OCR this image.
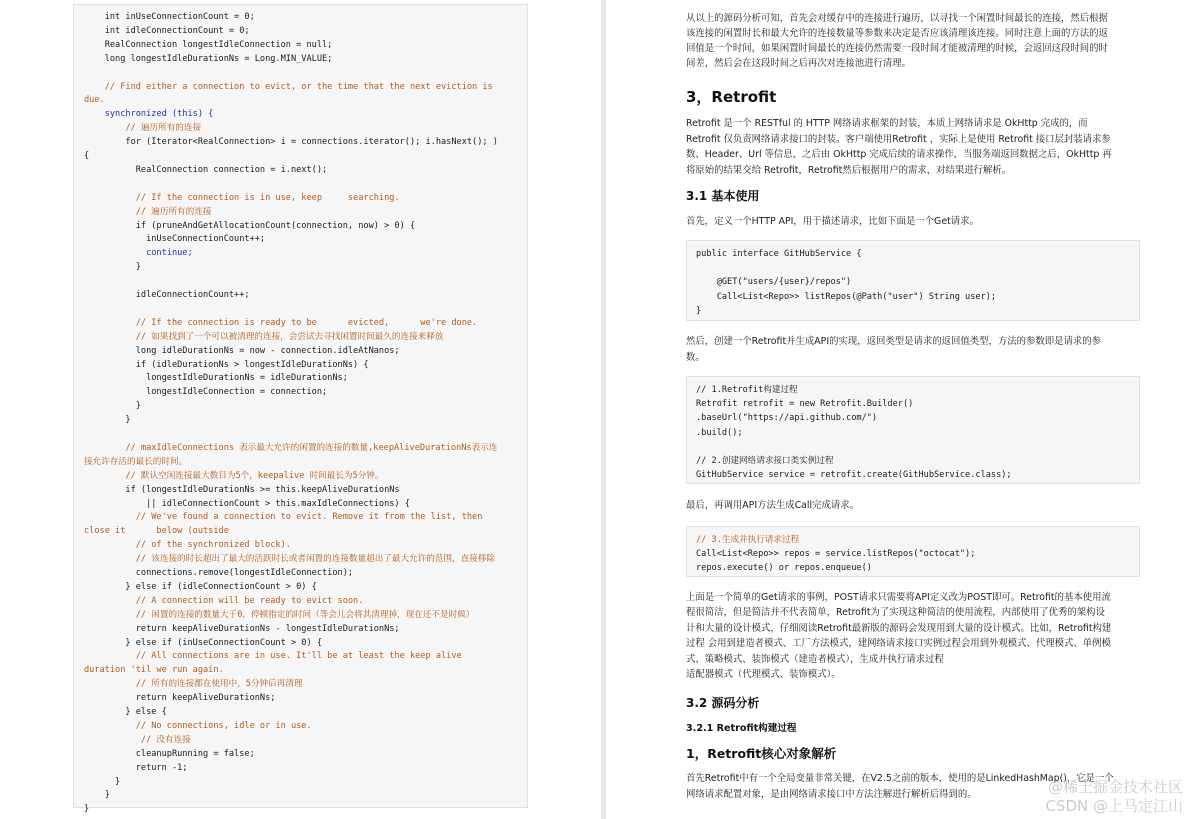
int inUseConnectionCount = 0;
int idleConnectionCount = 0;
RealConnection longestIdleConnection = null;
long longestIdleDurationNs = Long.MIN_VALUE;
// Find either a connection to evict, or the time that the next eviction is
due.
synchronized (this) {
// 遍历所有的连接
for (Iterator<RealConnection> i = connections.iterator(); i.hasNext(); )
{
RealConnection connection = i.next();
// If the connection is in use, keep     searching.
// 遍历所有的连接
if (pruneAndGetAllocationCount(connection, now) > 0) {
inUseConnectionCount++;
continue;
}
idleConnectionCount++;
// If the connection is ready to be      evicted,      we're done.
// 如果找到了一个可以被清理的连接，会尝试去寻找闲置时间最久的连接来释放
long idleDurationNs = now - connection.idleAtNanos;
if (idleDurationNs > longestIdleDurationNs) {
longestIdleDurationNs = idleDurationNs;
longestIdleConnection = connection;
}
}
// maxIdleConnections 表示最大允许的闲置的连接的数量,keepAliveDurationNs表示连
接允许存活的最长的时间。
// 默认空闲连接最大数目为5个，keepalive 时间最长为5分钟。
if (longestIdleDurationNs >= this.keepAliveDurationNs
|| idleConnectionCount > this.maxIdleConnections) {
// We've found a connection to evict. Remove it from the list, then
close it      below (outside
// of the synchronized block).
// 该连接的时长超出了最大的活跃时长或者闲置的连接数量超出了最大允许的范围，直接移除
connections.remove(longestIdleConnection);
} else if (idleConnectionCount > 0) {
// A connection will be ready to evict soon.
// 闲置的连接的数量大于0，停顿指定的时间（等会儿会将其清理掉，现在还不是时候）
return keepAliveDurationNs - longestIdleDurationNs;
} else if (inUseConnectionCount > 0) {
// All connections are in use. It'll be at least the keep alive
duration 'til we run again.
// 所有的连接都在使用中，5分钟后再清理
return keepAliveDurationNs;
} else {
// No connections, idle or in use.
// 没有连接
cleanupRunning = false;
return -1;
}
}
}
从以上的源码分析可知，首先会对缓存中的连接进行遍历，以寻找一个闲置时间最长的连接，然后根据
该连接的闲置时长和最大允许的连接数量等参数来决定是否应该清理该连接。同时注意上面的方法的返
回值是一个时间，如果闲置时间最长的连接仍然需要一段时间才能被清理的时候，会返回这段时间的时
间差，然后会在这段时间之后再次对连接池进行清理。
3，Retrofit
Retrofit 是一个 RESTful 的 HTTP 网络请求框架的封装，本质上网络请求是 OkHttp 完成的，而
Retrofit 仅负责网络请求接口的封装。客户端使用Retrofit ，实际上是使用 Retrofit 接口层封装请求参
数、Header、Url 等信息，之后由 OkHttp 完成后续的请求操作，当服务端返回数据之后，OkHttp 再
将原始的结果交给 Retrofit，Retrofit然后根据用户的需求，对结果进行解析。
3.1 基本使用
首先，定义一个HTTP API，用于描述请求，比如下面是一个Get请求。
public interface GitHubService {
@GET("users/{user}/repos")
Call<List<Repo>> listRepos(@Path("user") String user);
}
然后，创建一个Retrofit并生成API的实现，返回类型是请求的返回值类型，方法的参数即是请求的参
数。
// 1.Retrofit构建过程
Retrofit retrofit = new Retrofit.Builder()
.baseUrl("https://api.github.com/")
.build();
// 2.创建网络请求接口类实例过程
GitHubService service = retrofit.create(GitHubService.class);
最后，再调用API方法生成Call完成请求。
// 3.生成并执行请求过程
Call<List<Repo>> repos = service.listRepos("octocat");
repos.execute() or repos.enqueue()
上面是一个简单的Get请求的事例，POST请求只需要将API定义改为POST即可。Retrofit的基本使用流
程很简洁，但是简洁并不代表简单，Retrofit为了实现这种简洁的使用流程，内部使用了优秀的架构设
计和大量的设计模式，仔细阅读Retrofit最新版的源码会发现用到大量的设计模式。比如，Retrofit构建
过程 会用到建造者模式、工厂方法模式，建网络请求接口实例过程会用到外观模式、代理模式、单例模
式、策略模式、装饰模式（建造者模式），生成并执行请求过程
适配器模式（代理模式、装饰模式）。
3.2 源码分析
3.2.1 Retrofit构建过程
1，Retrofit核心对象解析
首先Retrofit中有一个全局变量非常关键，在V2.5之前的版本，使用的是LinkedHashMap()，它是一个
网络请求配置对象，是由网络请求接口中方法注解进行解析后得到的。	@稀土掘金技术社区
CSDN @上马定江山
